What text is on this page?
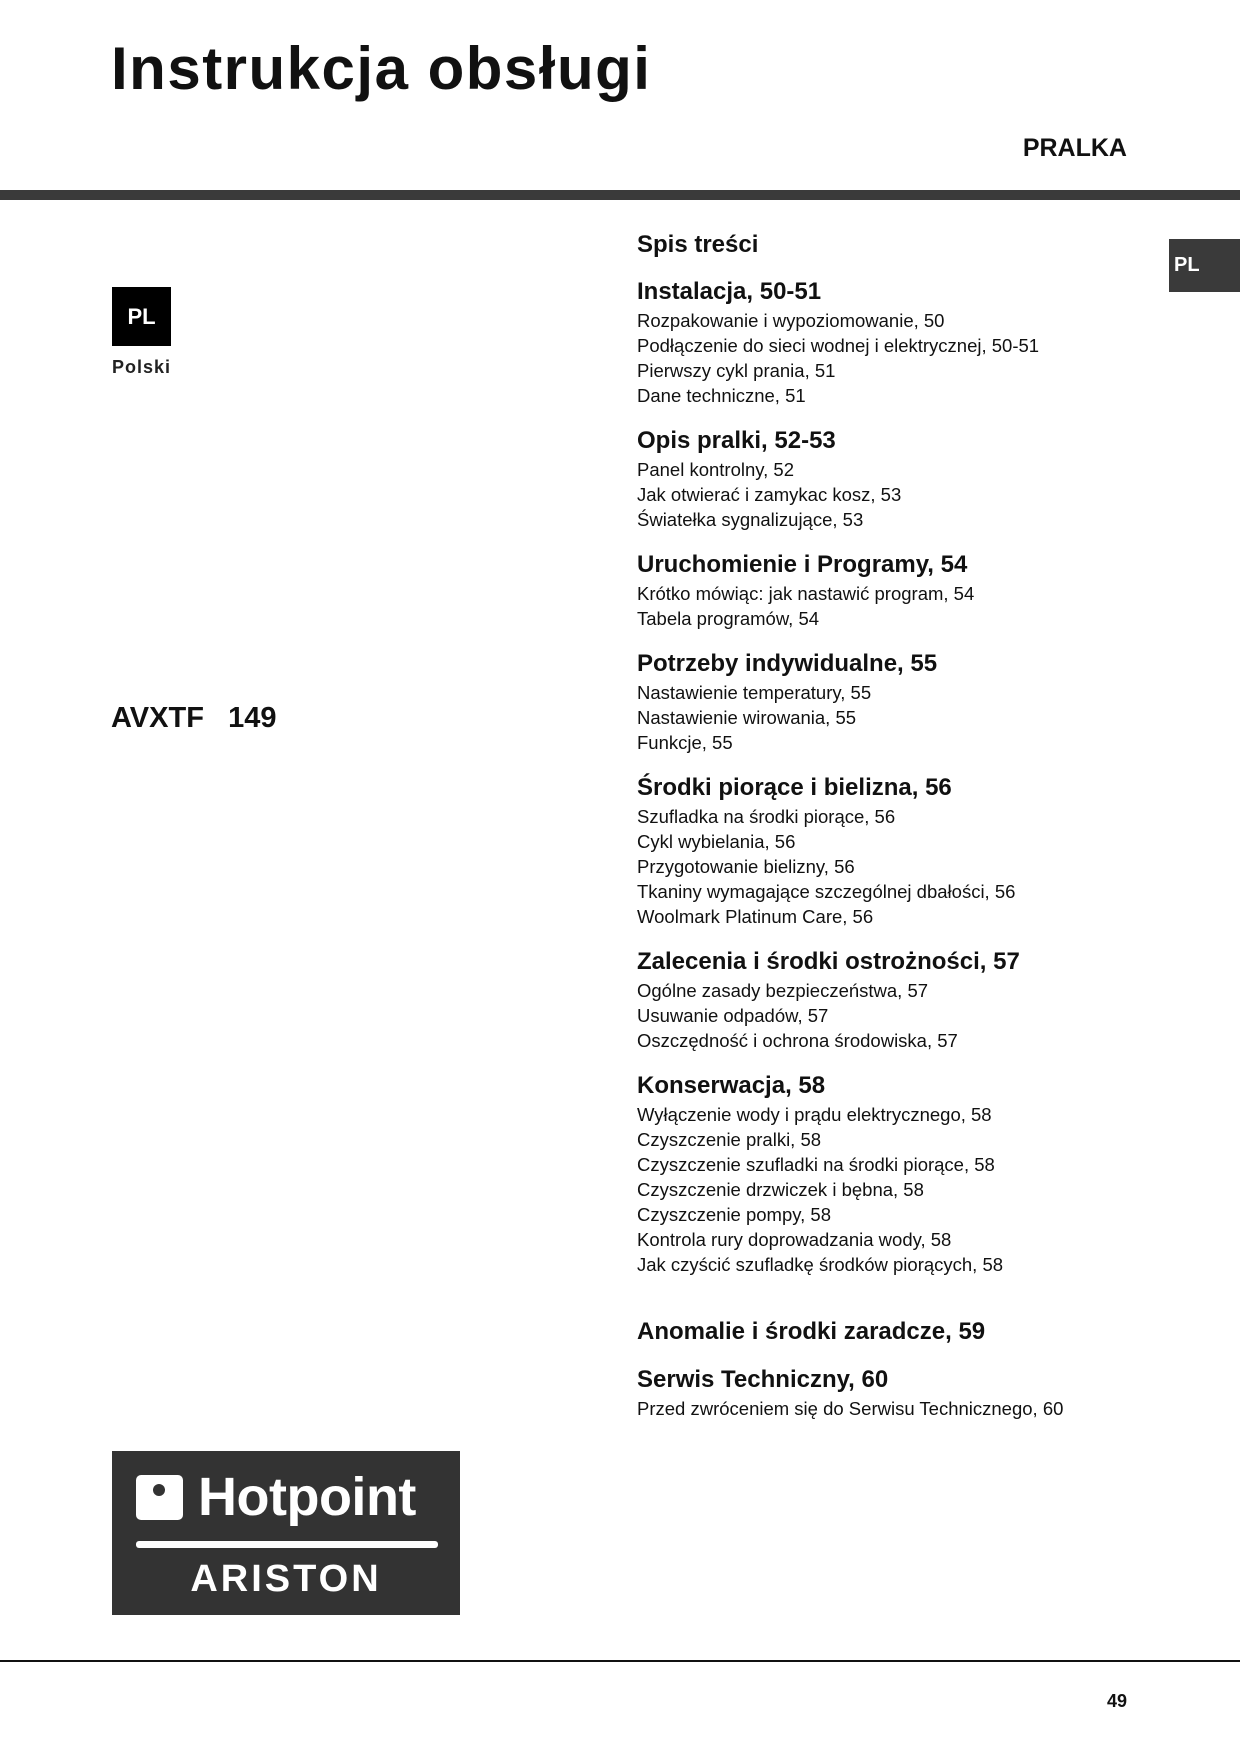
Instrukcja obsługi
PRALKA
PL
PL
Polski
AVXTF   149
Spis treści
Instalacja, 50-51
Rozpakowanie i wypoziomowanie, 50
Podłączenie do sieci wodnej i elektrycznej, 50-51
Pierwszy cykl prania, 51
Dane techniczne, 51
Opis pralki, 52-53
Panel kontrolny, 52
Jak otwierać i zamykac kosz, 53
Światełka sygnalizujące, 53
Uruchomienie i Programy, 54
Krótko mówiąc: jak nastawić program, 54
Tabela programów, 54
Potrzeby indywidualne, 55
Nastawienie temperatury, 55
Nastawienie wirowania, 55
Funkcje, 55
Środki piorące i bielizna, 56
Szufladka na środki piorące, 56
Cykl wybielania, 56
Przygotowanie bielizny, 56
Tkaniny wymagające szczególnej dbałości, 56
Woolmark Platinum Care, 56
Zalecenia i środki ostrożności, 57
Ogólne zasady bezpieczeństwa, 57
Usuwanie odpadów, 57
Oszczędność i ochrona środowiska, 57
Konserwacja, 58
Wyłączenie wody i prądu elektrycznego, 58
Czyszczenie pralki, 58
Czyszczenie szufladki na środki piorące, 58
Czyszczenie drzwiczek i bębna, 58
Czyszczenie pompy, 58
Kontrola rury doprowadzania wody, 58
Jak czyścić szufladkę środków piorących, 58
Anomalie i środki zaradcze, 59
Serwis Techniczny, 60
Przed zwróceniem się do Serwisu Technicznego, 60
Hotpoint
ARISTON
49
